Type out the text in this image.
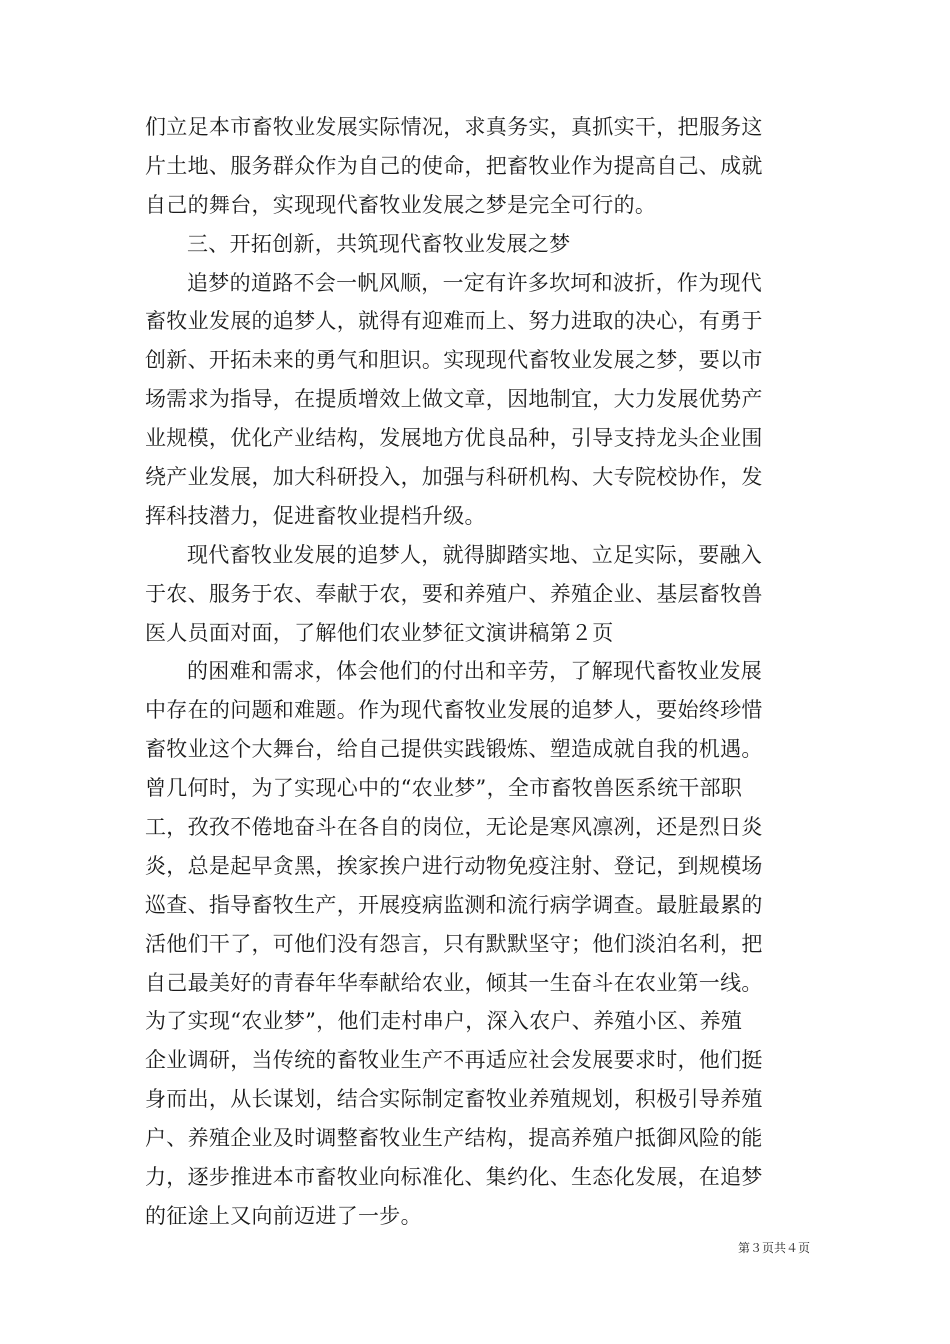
们立足本市畜牧业发展实际情况，求真务实，真抓实干，把服务这
片土地、服务群众作为自己的使命，把畜牧业作为提高自己、成就
自己的舞台，实现现代畜牧业发展之梦是完全可行的。
三、开拓创新，共筑现代畜牧业发展之梦
追梦的道路不会一帆风顺，一定有许多坎坷和波折，作为现代
畜牧业发展的追梦人，就得有迎难而上、努力进取的决心，有勇于
创新、开拓未来的勇气和胆识。实现现代畜牧业发展之梦，要以市
场需求为指导，在提质增效上做文章，因地制宜，大力发展优势产
业规模，优化产业结构，发展地方优良品种，引导支持龙头企业围
绕产业发展，加大科研投入，加强与科研机构、大专院校协作，发
挥科技潜力，促进畜牧业提档升级。
现代畜牧业发展的追梦人，就得脚踏实地、立足实际，要融入
于农、服务于农、奉献于农，要和养殖户、养殖企业、基层畜牧兽
医人员面对面，了解他们农业梦征文演讲稿第２页
的困难和需求，体会他们的付出和辛劳，了解现代畜牧业发展
中存在的问题和难题。作为现代畜牧业发展的追梦人，要始终珍惜
畜牧业这个大舞台，给自己提供实践锻炼、塑造成就自我的机遇。
曾几何时，为了实现心中的“农业梦”，全市畜牧兽医系统干部职
工，孜孜不倦地奋斗在各自的岗位，无论是寒风凛冽，还是烈日炎
炎，总是起早贪黑，挨家挨户进行动物免疫注射、登记，到规模场
巡查、指导畜牧生产，开展疫病监测和流行病学调查。最脏最累的
活他们干了，可他们没有怨言，只有默默坚守；他们淡泊名利，把
自己最美好的青春年华奉献给农业，倾其一生奋斗在农业第一线。
为了实现“农业梦”，他们走村串户，深入农户、养殖小区、养殖
企业调研，当传统的畜牧业生产不再适应社会发展要求时，他们挺
身而出，从长谋划，结合实际制定畜牧业养殖规划，积极引导养殖
户、养殖企业及时调整畜牧业生产结构，提高养殖户抵御风险的能
力，逐步推进本市畜牧业向标准化、集约化、生态化发展，在追梦
的征途上又向前迈进了一步。
第３页共４页
